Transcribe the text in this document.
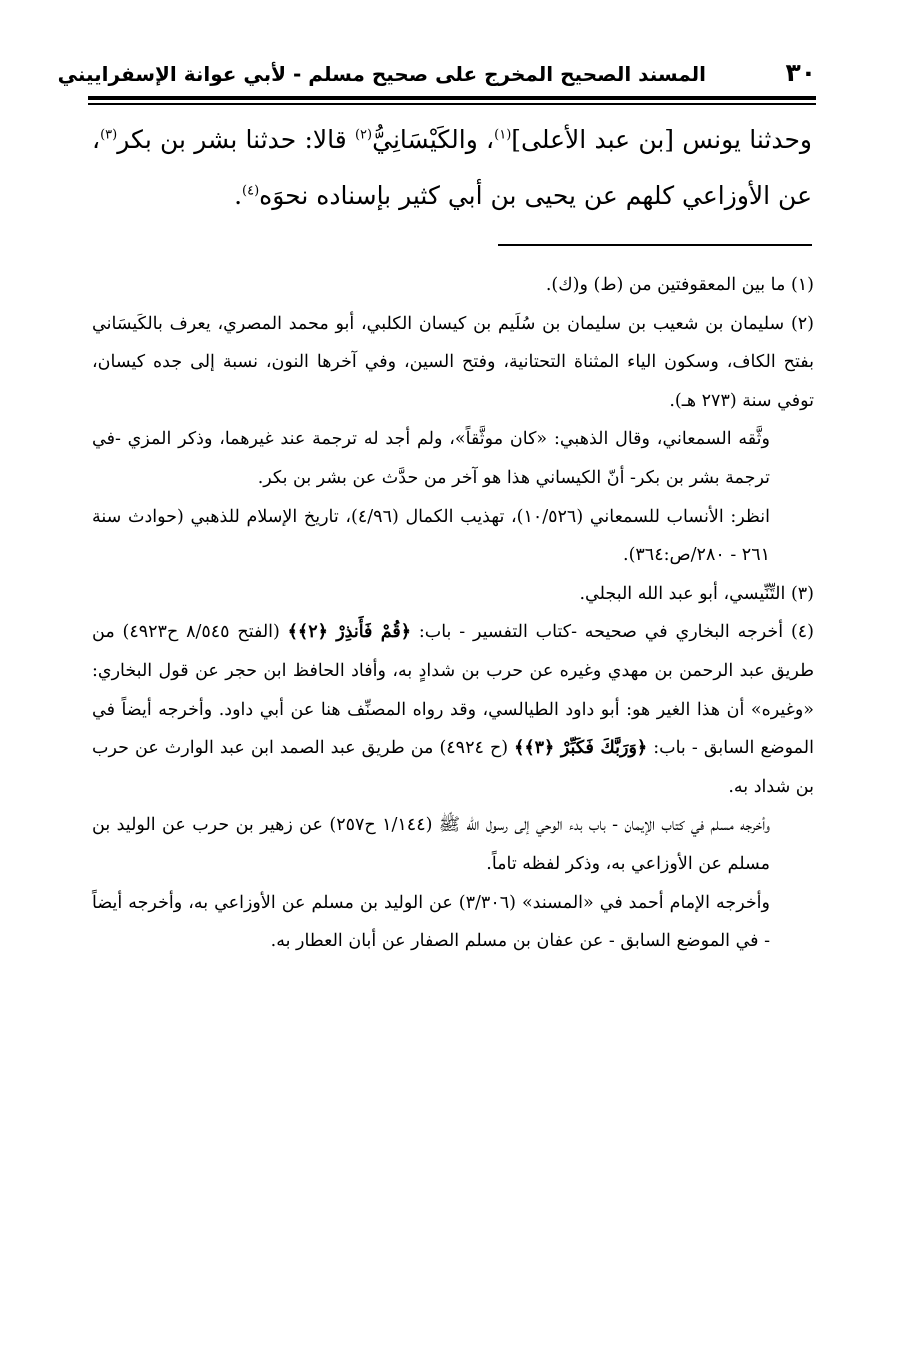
٣٠
المسند الصحيح المخرج على صحيح مسلم - لأبي عوانة الإسفراييني
وحدثنا يونس [بن عبد الأعلى]$^{(١)}$، والكَيْسَانِيُّ$^{(٢)}$ قالا: حدثنا بشر بن بكر$^{(٣)}$، عن الأوزاعي كلهم عن يحيى بن أبي كثير بإسناده نحوَه$^{(٤)}$.

(١) ما بين المعقوفتين من (ط) و(ك).

(٢) سليمان بن شعيب بن سليمان بن سُلَيم بن كيسان الكلبي، أبو محمد المصري، يعرف بالكَيسَاني بفتح الكاف، وسكون الياء المثناة التحتانية، وفتح السين، وفي آخرها النون، نسبة إلى جده كيسان، توفي سنة (٢٧٣ هـ).

وثَّقه السمعاني، وقال الذهبي: «كان موثَّقاً»، ولم أجد له ترجمة عند غيرهما، وذكر المزي -في ترجمة بشر بن بكر- أنّ الكيساني هذا هو آخر من حدَّث عن بشر بن بكر.

انظر: الأنساب للسمعاني (١٠/٥٢٦)، تهذيب الكمال (٤/٩٦)، تاريخ الإسلام للذهبي (حوادث سنة ٢٦١ - ٢٨٠/ص:٣٦٤).

(٣) التِّنِّيسي، أبو عبد الله البجلي.

(٤) أخرجه البخاري في صحيحه -كتاب التفسير - باب: ﴿قُمْ فَأَنذِرْ ﴿٢﴾﴾ (الفتح ٨/٥٤٥ ح٤٩٢٣) من طريق عبد الرحمن بن مهدي وغيره عن حرب بن شدادٍ به، وأفاد الحافظ ابن حجر عن قول البخاري: «وغيره» أن هذا الغير هو: أبو داود الطيالسي، وقد رواه المصنِّف هنا عن أبي داود. وأخرجه أيضاً في الموضع السابق - باب: ﴿وَرَبَّكَ فَكَبِّرْ ﴿٣﴾﴾ (ح ٤٩٢٤) من طريق عبد الصمد ابن عبد الوارث عن حرب بن شداد به.

وأخرجه مسلم في كتاب الإيمان - باب بدء الوحي إلى رسول الله ﷺ (١/١٤٤ ح٢٥٧) عن زهير بن حرب عن الوليد بن مسلم عن الأوزاعي به، وذكر لفظه تاماً.

وأخرجه الإمام أحمد في «المسند» (٣/٣٠٦) عن الوليد بن مسلم عن الأوزاعي به، وأخرجه أيضاً - في الموضع السابق - عن عفان بن مسلم الصفار عن أبان العطار به.
